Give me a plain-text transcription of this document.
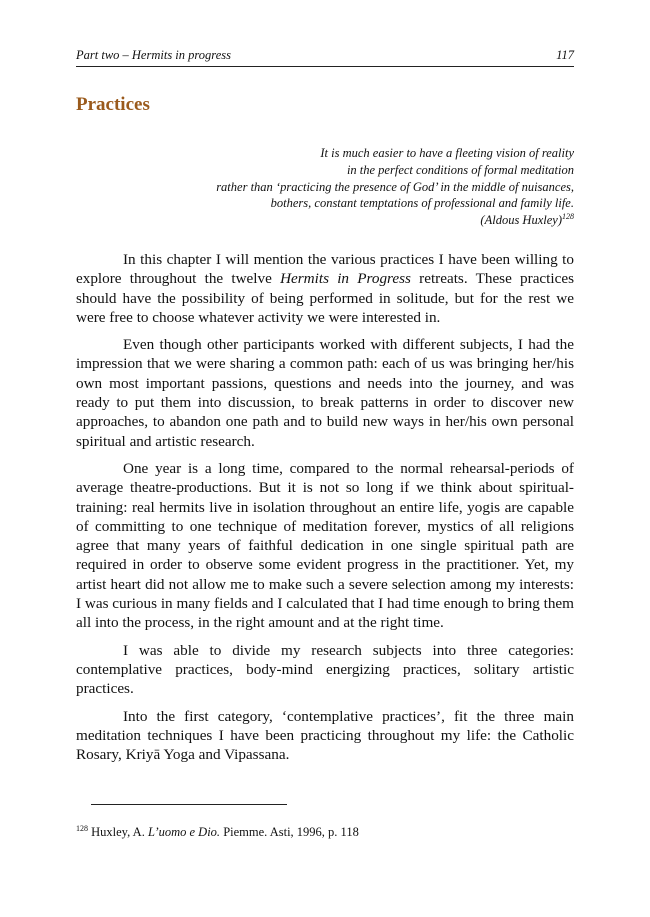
Part two – Hermits in progress	117
Practices
It is much easier to have a fleeting vision of reality
in the perfect conditions of formal meditation
rather than ‘practicing the presence of God’ in the middle of nuisances,
bothers, constant temptations of professional and family life.
(Aldous Huxley)$^{128}$

In this chapter I will mention the various practices I have been willing to explore throughout the twelve Hermits in Progress retreats. These practices should have the possibility of being performed in solitude, but for the rest we were free to choose whatever activity we were interested in.

Even though other participants worked with different subjects, I had the impression that we were sharing a common path: each of us was bringing her/his own most important passions, questions and needs into the journey, and was ready to put them into discussion, to break patterns in order to discover new approaches, to abandon one path and to build new ways in her/his own personal spiritual and artistic research.

One year is a long time, compared to the normal rehearsal-periods of average theatre-productions. But it is not so long if we think about spiritual-training: real hermits live in isolation throughout an entire life, yogis are capable of committing to one technique of meditation forever, mystics of all religions agree that many years of faithful dedication in one single spiritual path are required in order to observe some evident progress in the practitioner. Yet, my artist heart did not allow me to make such a severe selection among my interests: I was curious in many fields and I calculated that I had time enough to bring them all into the process, in the right amount and at the right time.

I was able to divide my research subjects into three categories: contemplative practices, body-mind energizing practices, solitary artistic practices.

Into the first category, ‘contemplative practices’, fit the three main meditation techniques I have been practicing throughout my life: the Catholic Rosary, Kriyā Yoga and Vipassana.

$^{128}$ Huxley, A. L’uomo e Dio. Piemme. Asti, 1996, p. 118
